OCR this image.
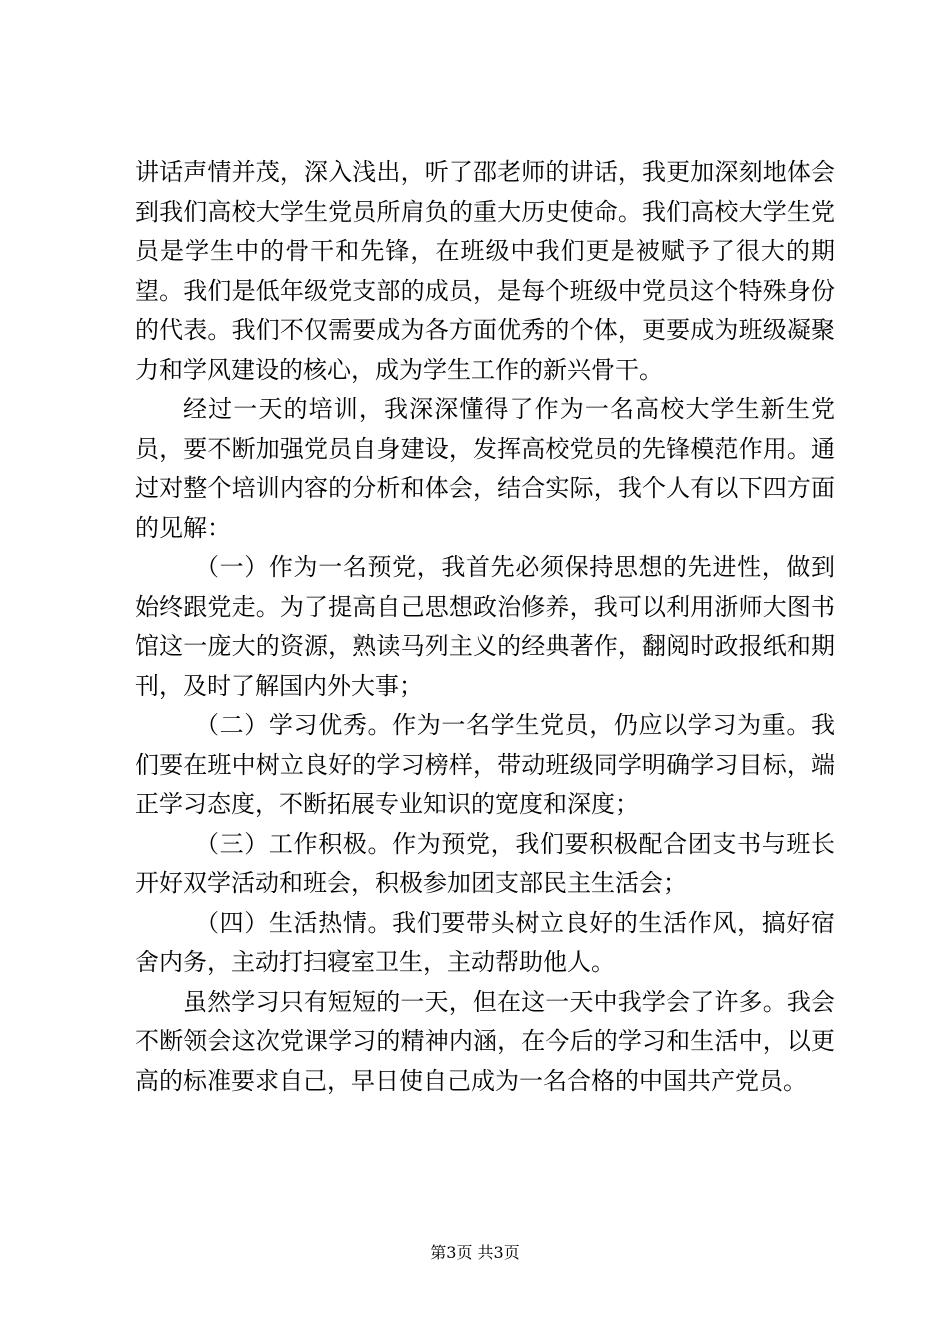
讲话声情并茂，深入浅出，听了邵老师的讲话，我更加深刻地体会到我们高校大学生党员所肩负的重大历史使命。我们高校大学生党员是学生中的骨干和先锋，在班级中我们更是被赋予了很大的期望。我们是低年级党支部的成员，是每个班级中党员这个特殊身份的代表。我们不仅需要成为各方面优秀的个体，更要成为班级凝聚力和学风建设的核心，成为学生工作的新兴骨干。

经过一天的培训，我深深懂得了作为一名高校大学生新生党员，要不断加强党员自身建设，发挥高校党员的先锋模范作用。通过对整个培训内容的分析和体会，结合实际，我个人有以下四方面的见解：

（一）作为一名预党，我首先必须保持思想的先进性，做到始终跟党走。为了提高自己思想政治修养，我可以利用浙师大图书馆这一庞大的资源，熟读马列主义的经典著作，翻阅时政报纸和期刊，及时了解国内外大事；

（二）学习优秀。作为一名学生党员，仍应以学习为重。我们要在班中树立良好的学习榜样，带动班级同学明确学习目标，端正学习态度，不断拓展专业知识的宽度和深度；

（三）工作积极。作为预党，我们要积极配合团支书与班长开好双学活动和班会，积极参加团支部民主生活会；

（四）生活热情。我们要带头树立良好的生活作风，搞好宿舍内务，主动打扫寝室卫生，主动帮助他人。

虽然学习只有短短的一天，但在这一天中我学会了许多。我会不断领会这次党课学习的精神内涵，在今后的学习和生活中，以更高的标准要求自己，早日使自己成为一名合格的中国共产党员。

第3页 共3页
